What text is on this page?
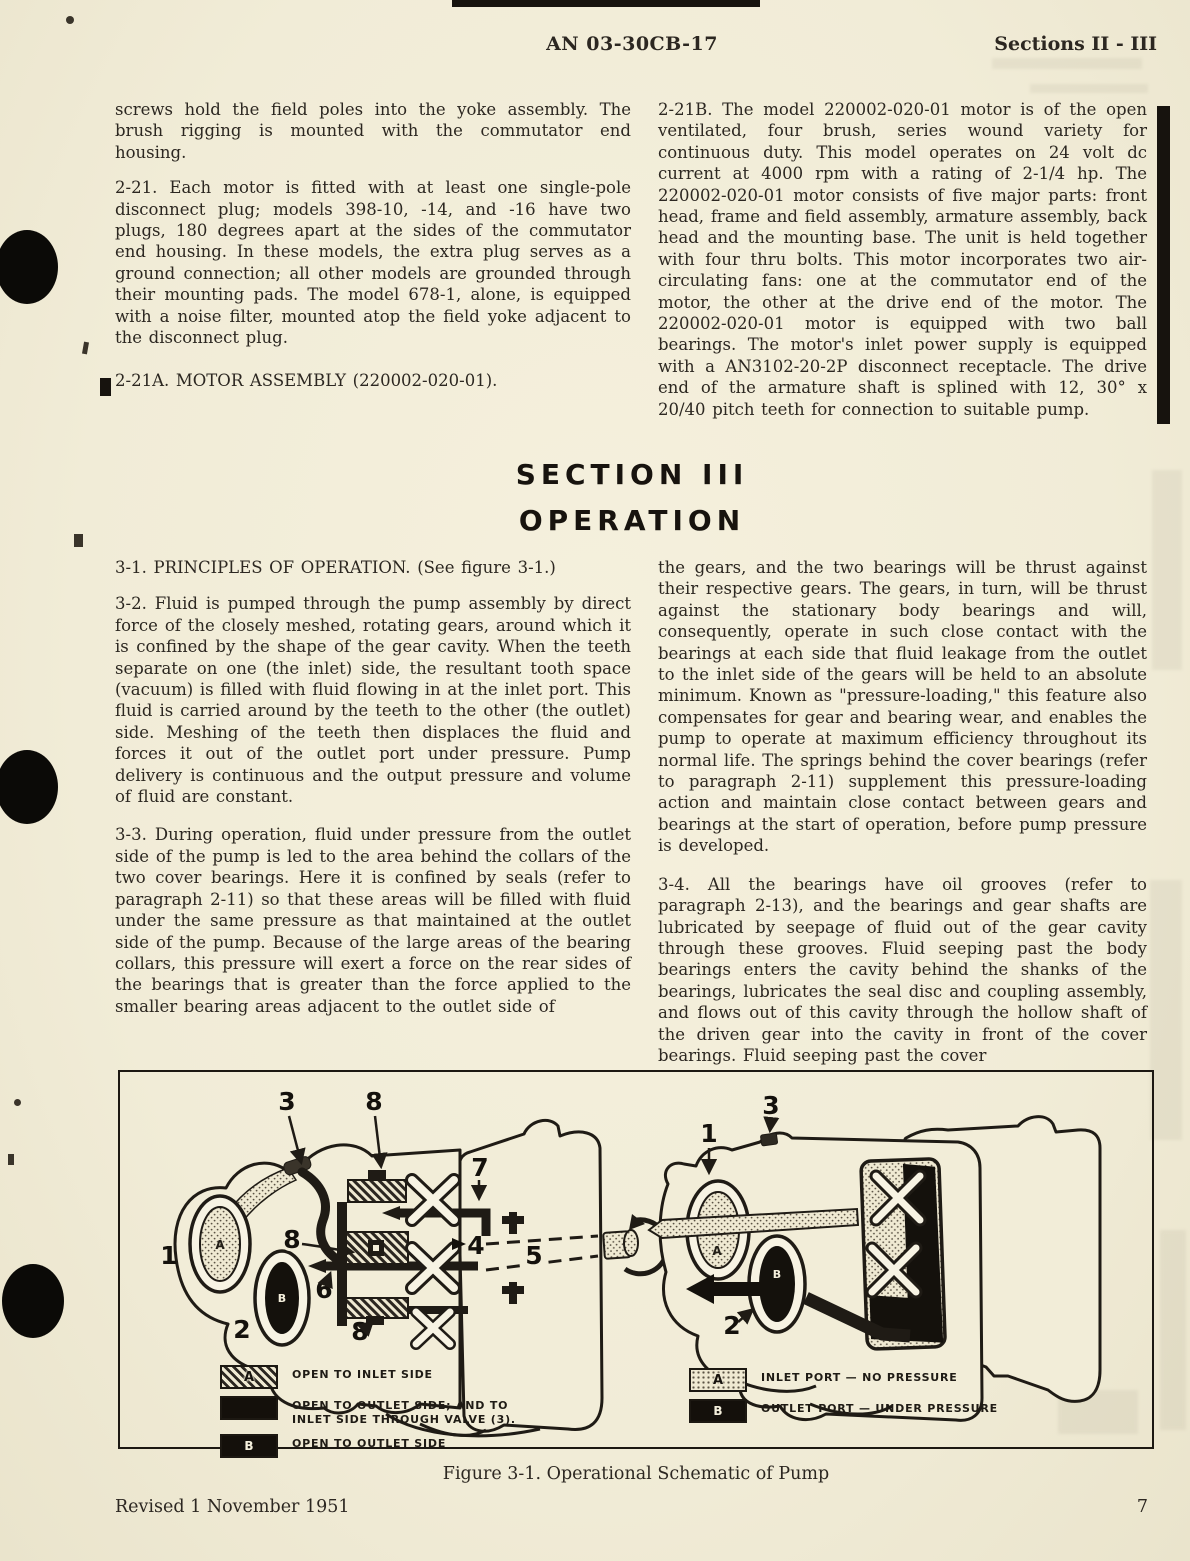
AN 03-30CB-17	Sections II - III

screws hold the field poles into the yoke assembly. The brush rigging is mounted with the commutator end housing.

2-21. Each motor is fitted with at least one single-pole disconnect plug; models 398-10, -14, and -16 have two plugs, 180 degrees apart at the sides of the commutator end housing. In these models, the extra plug serves as a ground connection; all other models are grounded through their mounting pads. The model 678-1, alone, is equipped with a noise filter, mounted atop the field yoke adjacent to the disconnect plug.

2-21A. MOTOR ASSEMBLY (220002-020-01).

2-21B. The model 220002-020-01 motor is of the open ventilated, four brush, series wound variety for continuous duty. This model operates on 24 volt dc current at 4000 rpm with a rating of 2-1/4 hp. The 220002-020-01 motor consists of five major parts: front head, frame and field assembly, armature assembly, back head and the mounting base. The unit is held together with four thru bolts. This motor incorporates two air-circulating fans: one at the commutator end of the motor, the other at the drive end of the motor. The 220002-020-01 motor is equipped with two ball bearings. The motor's inlet power supply is equipped with a AN3102-20-2P disconnect receptacle. The drive end of the armature shaft is splined with 12, 30° x 20/40 pitch teeth for connection to suitable pump.

SECTION III
OPERATION

3-1. PRINCIPLES OF OPERATION. (See figure 3-1.)

3-2. Fluid is pumped through the pump assembly by direct force of the closely meshed, rotating gears, around which it is confined by the shape of the gear cavity. When the teeth separate on one (the inlet) side, the resultant tooth space (vacuum) is filled with fluid flowing in at the inlet port. This fluid is carried around by the teeth to the other (the outlet) side. Meshing of the teeth then displaces the fluid and forces it out of the outlet port under pressure. Pump delivery is continuous and the output pressure and volume of fluid are constant.

3-3. During operation, fluid under pressure from the outlet side of the pump is led to the area behind the collars of the two cover bearings. Here it is confined by seals (refer to paragraph 2-11) so that these areas will be filled with fluid under the same pressure as that maintained at the outlet side of the pump. Because of the large areas of the bearing collars, this pressure will exert a force on the rear sides of the bearings that is greater than the force applied to the smaller bearing areas adjacent to the outlet side of

the gears, and the two bearings will be thrust against their respective gears. The gears, in turn, will be thrust against the stationary body bearings and will, consequently, operate in such close contact with the bearings at each side that fluid leakage from the outlet to the inlet side of the gears will be held to an absolute minimum. Known as "pressure-loading," this feature also compensates for gear and bearing wear, and enables the pump to operate at maximum efficiency throughout its normal life. The springs behind the cover bearings (refer to paragraph 2-11) supplement this pressure-loading action and maintain close contact between gears and bearings at the start of operation, before pump pressure is developed.

3-4. All the bearings have oil grooves (refer to paragraph 2-13), and the bearings and gear shafts are lubricated by seepage of fluid out of the gear cavity through these grooves. Fluid seeping past the body bearings enters the cavity behind the shanks of the bearings, lubricates the seal disc and coupling assembly, and flows out of this cavity through the hollow shaft of the driven gear into the cavity in front of the cover bearings. Fluid seeping past the cover

A
B
1
2
3	8
7
8
6
4 5
8
A
B
3
1
2
A	OPEN TO INLET SIDE
OPEN TO OUTLET SIDE; AND TO INLET SIDE THROUGH VALVE (3).
B	OPEN TO OUTLET SIDE
A	INLET PORT — NO PRESSURE
B	OUTLET PORT — UNDER PRESSURE
Figure 3-1. Operational Schematic of Pump
Revised 1 November 1951	7
